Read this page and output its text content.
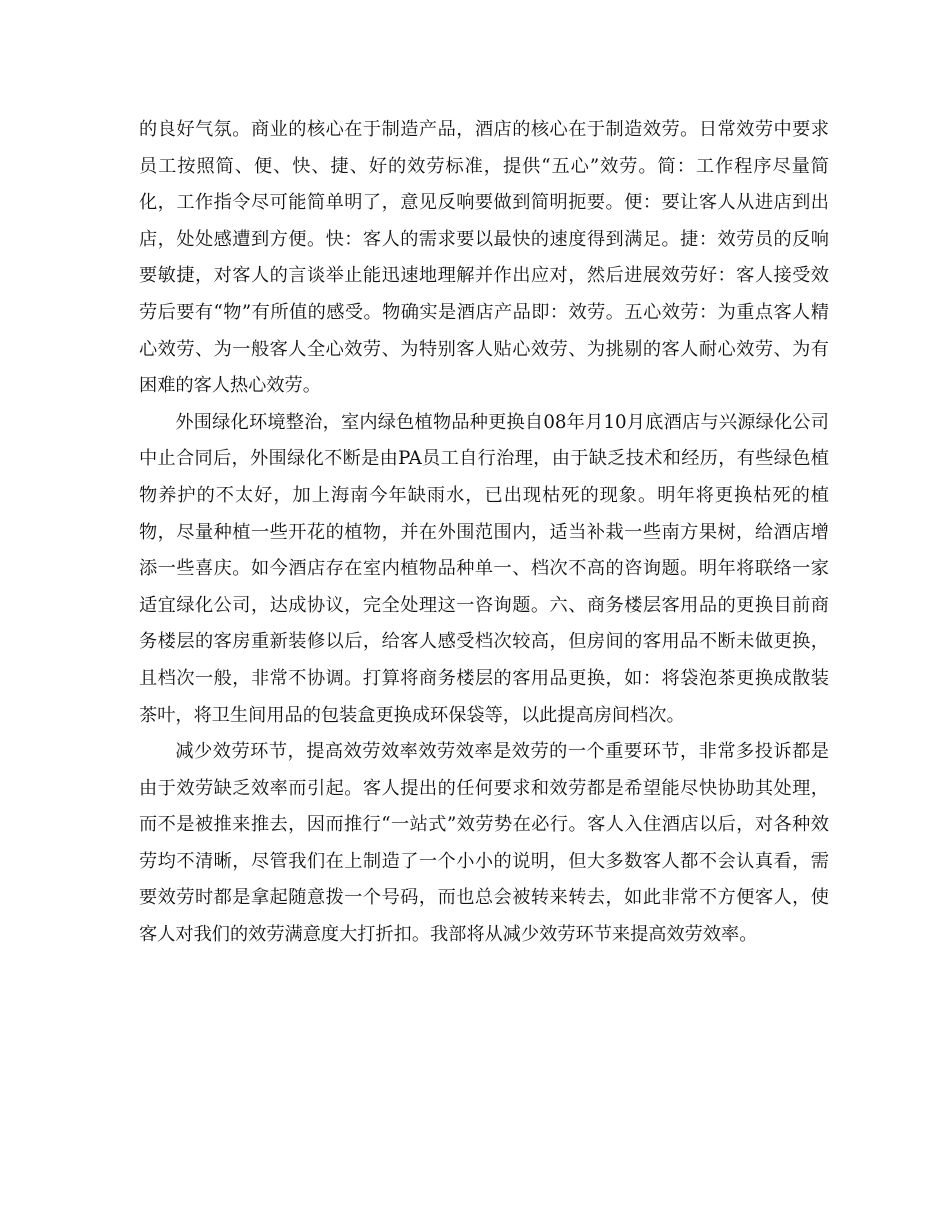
的良好气氛。商业的核心在于制造产品，酒店的核心在于制造效劳。日常效劳中要求员工按照简、便、快、捷、好的效劳标准，提供“五心”效劳。简：工作程序尽量简化，工作指令尽可能简单明了，意见反响要做到简明扼要。便：要让客人从进店到出店，处处感遭到方便。快：客人的需求要以最快的速度得到满足。捷：效劳员的反响要敏捷，对客人的言谈举止能迅速地理解并作出应对，然后进展效劳好：客人接受效劳后要有“物”有所值的感受。物确实是酒店产品即：效劳。五心效劳：为重点客人精心效劳、为一般客人全心效劳、为特别客人贴心效劳、为挑剔的客人耐心效劳、为有困难的客人热心效劳。

外围绿化环境整治，室内绿色植物品种更换自08年月10月底酒店与兴源绿化公司中止合同后，外围绿化不断是由PA员工自行治理，由于缺乏技术和经历，有些绿色植物养护的不太好，加上海南今年缺雨水，已出现枯死的现象。明年将更换枯死的植物，尽量种植一些开花的植物，并在外围范围内，适当补栽一些南方果树，给酒店增添一些喜庆。如今酒店存在室内植物品种单一、档次不高的咨询题。明年将联络一家适宜绿化公司，达成协议，完全处理这一咨询题。六、商务楼层客用品的更换目前商务楼层的客房重新装修以后，给客人感受档次较高，但房间的客用品不断未做更换，且档次一般，非常不协调。打算将商务楼层的客用品更换，如：将袋泡茶更换成散装茶叶，将卫生间用品的包装盒更换成环保袋等，以此提高房间档次。

减少效劳环节，提高效劳效率效劳效率是效劳的一个重要环节，非常多投诉都是由于效劳缺乏效率而引起。客人提出的任何要求和效劳都是希望能尽快协助其处理，而不是被推来推去，因而推行“一站式”效劳势在必行。客人入住酒店以后，对各种效劳均不清晰，尽管我们在上制造了一个小小的说明，但大多数客人都不会认真看，需要效劳时都是拿起随意拨一个号码，而也总会被转来转去，如此非常不方便客人，使客人对我们的效劳满意度大打折扣。我部将从减少效劳环节来提高效劳效率。
